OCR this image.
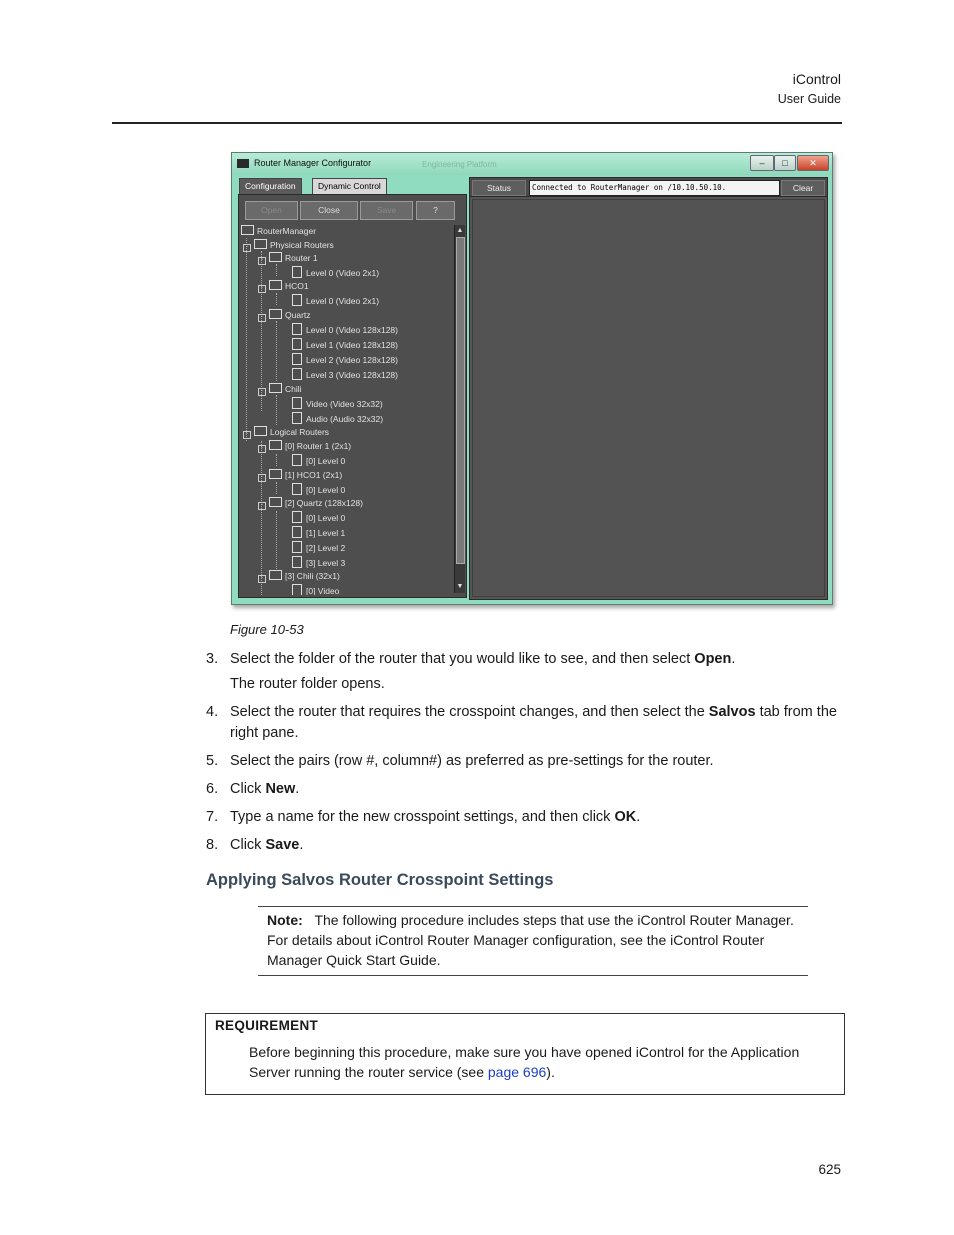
iControl
User Guide
Router Manager Configurator	Engineering Platform	–	□	✕
Configuration	Dynamic Control
Open	Close	Save	?
RouterManager
-	Physical Routers
-	Router 1
Level 0 (Video 2x1)
-	HCO1
Level 0 (Video 2x1)
-	Quartz
Level 0 (Video 128x128)
Level 1 (Video 128x128)
Level 2 (Video 128x128)
Level 3 (Video 128x128)
-	Chili
Video (Video 32x32)
Audio (Audio 32x32)
-	Logical Routers
-	[0] Router 1 (2x1)
[0] Level 0
-	[1] HCO1 (2x1)
[0] Level 0
-	[2] Quartz (128x128)
[0] Level 0
[1] Level 1
[2] Level 2
[3] Level 3
-	[3] Chili (32x1)
[0] Video
▲
▼
Status	Connected to RouterManager on /10.10.50.10.	Clear
Figure 10-53
3. Select the folder of the router that you would like to see, and then select Open.
The router folder opens.
4. Select the router that requires the crosspoint changes, and then select the Salvos tab from the right pane.
5. Select the pairs (row #, column#) as preferred as pre-settings for the router.
6. Click New.
7. Type a name for the new crosspoint settings, and then click OK.
8. Click Save.
Applying Salvos Router Crosspoint Settings
Note: The following procedure includes steps that use the iControl Router Manager. For details about iControl Router Manager configuration, see the iControl Router Manager Quick Start Guide.
REQUIREMENT
Before beginning this procedure, make sure you have opened iControl for the Application Server running the router service (see page 696).
625
